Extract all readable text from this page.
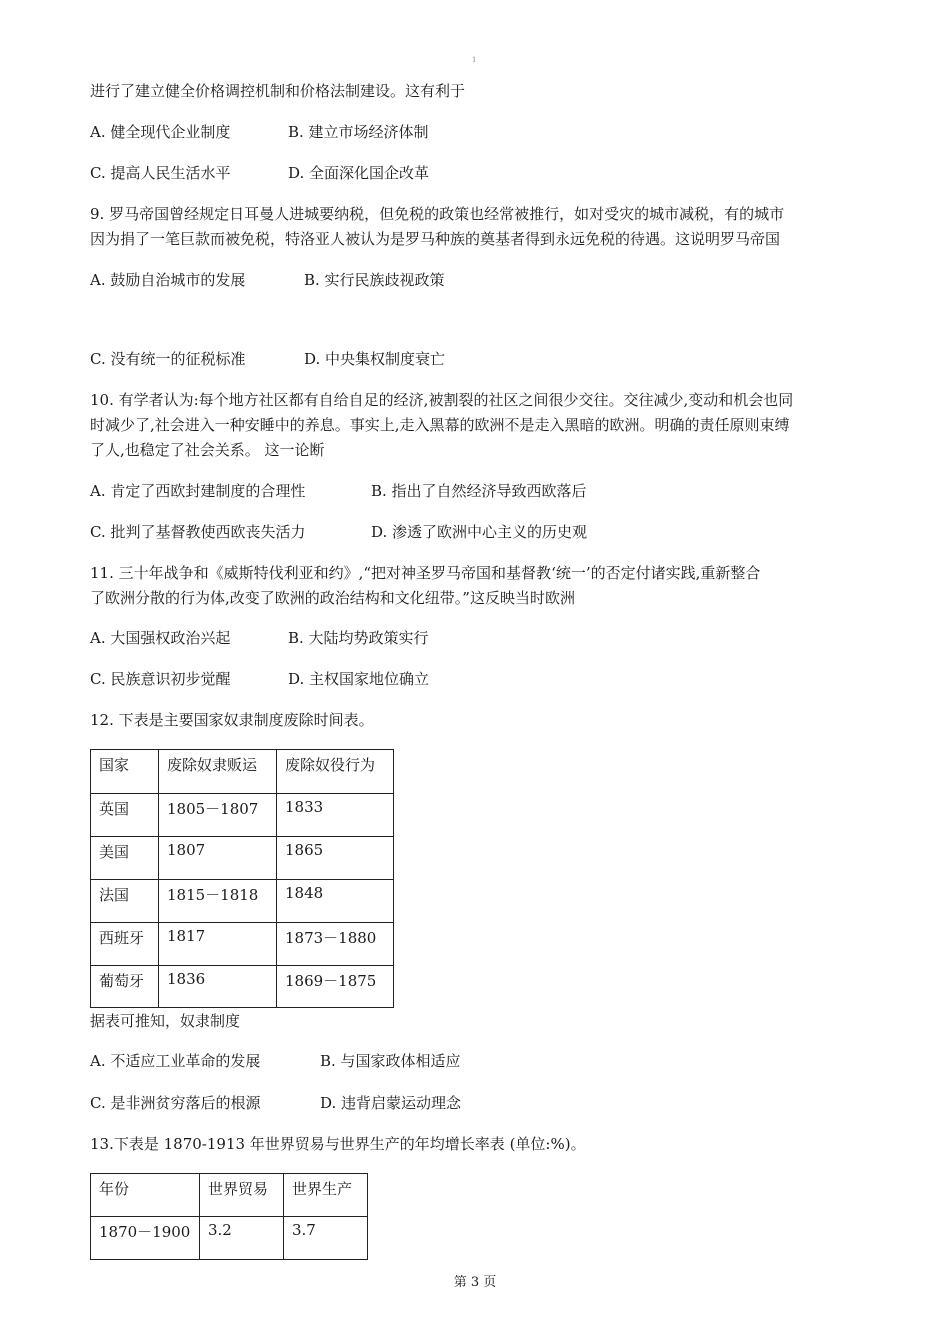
1
进行了建立健全价格调控机制和价格法制建设。这有利于
A. 健全现代企业制度	B. 建立市场经济体制
C. 提高人民生活水平	D. 全面深化国企改革
9. 罗马帝国曾经规定日耳曼人进城要纳税，但免税的政策也经常被推行，如对受灾的城市减税，有的城市
因为捐了一笔巨款而被免税，特洛亚人被认为是罗马种族的奠基者得到永远免税的待遇。这说明罗马帝国
A. 鼓励自治城市的发展	B. 实行民族歧视政策
C. 没有统一的征税标准	D. 中央集权制度衰亡
10. 有学者认为:每个地方社区都有自给自足的经济,被割裂的社区之间很少交往。交往减少,变动和机会也同
时减少了,社会进入一种安睡中的养息。事实上,走入黑幕的欧洲不是走入黑暗的欧洲。明确的责任原则束缚
了人,也稳定了社会关系。 这一论断
A. 肯定了西欧封建制度的合理性	B. 指出了自然经济导致西欧落后
C. 批判了基督教使西欧丧失活力	D. 渗透了欧洲中心主义的历史观
11. 三十年战争和《威斯特伐利亚和约》,“把对神圣罗马帝国和基督教‘统一’的否定付诸实践,重新整合
了欧洲分散的行为体,改变了欧洲的政治结构和文化纽带。”这反映当时欧洲
A. 大国强权政治兴起	B. 大陆均势政策实行
C. 民族意识初步觉醒	D. 主权国家地位确立
12. 下表是主要国家奴隶制度废除时间表。
国家	废除奴隶贩运	废除奴役行为
英国	1805－1807	1833
美国	1807	1865
法国	1815－1818	1848
西班牙	1817	1873－1880
葡萄牙	1836	1869－1875
据表可推知，奴隶制度
A. 不适应工业革命的发展	B. 与国家政体相适应
C. 是非洲贫穷落后的根源	D. 违背启蒙运动理念
13.下表是 1870-1913 年世界贸易与世界生产的年均增长率表 (单位:%)。
年份	世界贸易	世界生产
1870－1900	3.2	3.7
第 3 页
